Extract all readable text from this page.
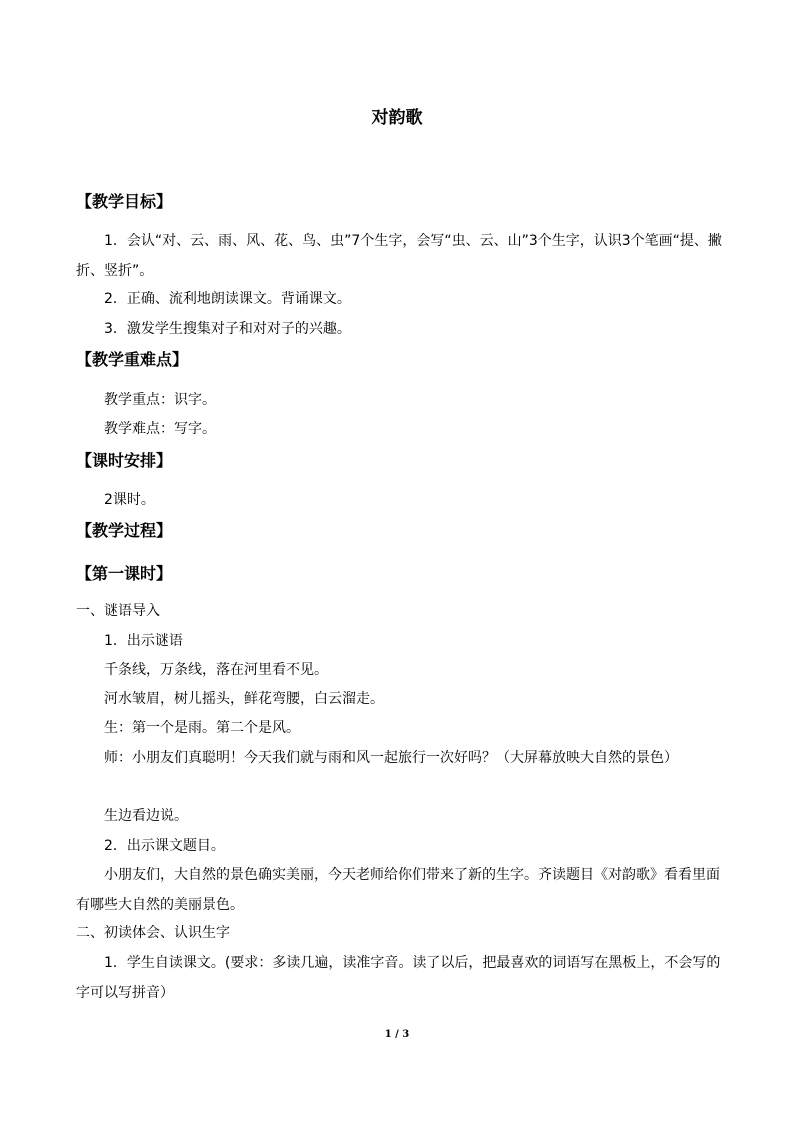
对韵歌
【教学目标】
1．会认“对、云、雨、风、花、鸟、虫”7个生字，会写“虫、云、山”3个生字，认识3个笔画“提、撇折、竖折”。
2．正确、流利地朗读课文。背诵课文。
3．激发学生搜集对子和对对子的兴趣。
【教学重难点】
教学重点：识字。
教学难点：写字。
【课时安排】
2课时。
【教学过程】
【第一课时】
一、谜语导入
1．出示谜语
千条线，万条线，落在河里看不见。
河水皱眉，树儿摇头，鲜花弯腰，白云溜走。
生：第一个是雨。第二个是风。
师：小朋友们真聪明！今天我们就与雨和风一起旅行一次好吗？（大屏幕放映大自然的景色）
生边看边说。
2．出示课文题目。
小朋友们，大自然的景色确实美丽，今天老师给你们带来了新的生字。齐读题目《对韵歌》看看里面有哪些大自然的美丽景色。
二、初读体会、认识生字
1．学生自读课文。(要求：多读几遍，读准字音。读了以后，把最喜欢的词语写在黑板上，不会写的字可以写拼音）
1 / 3
